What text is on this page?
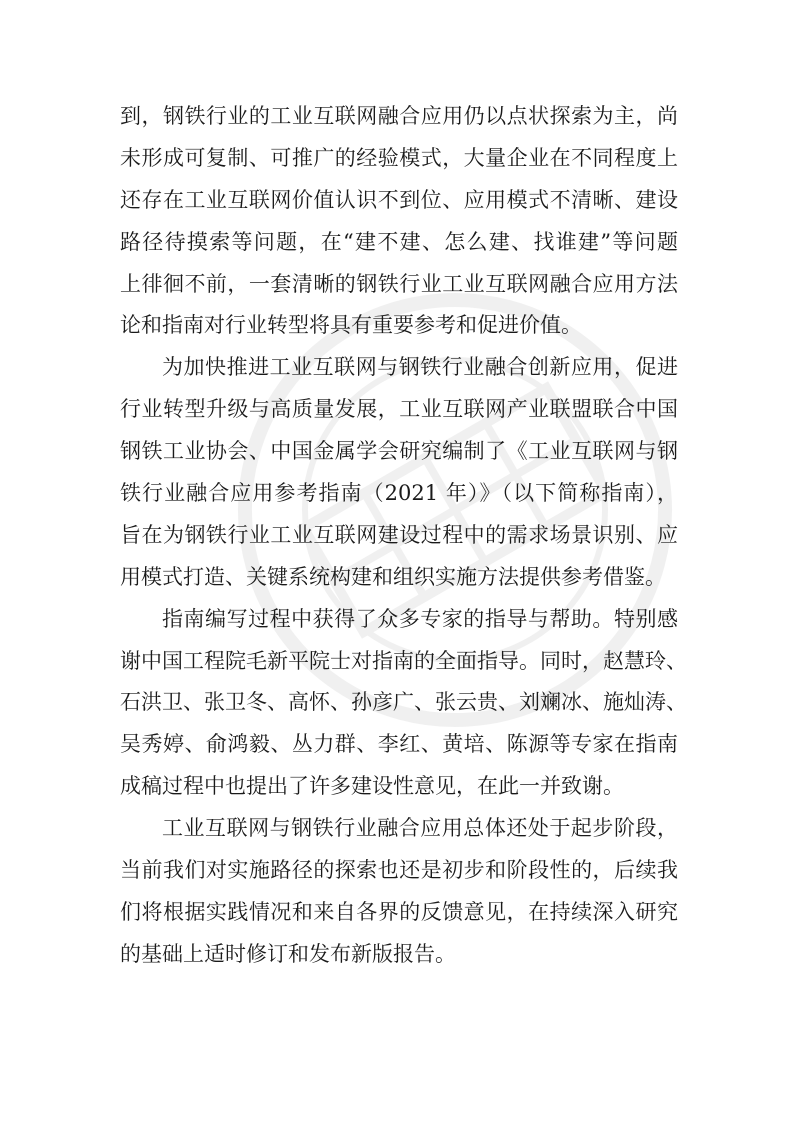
到，钢铁行业的工业互联网融合应用仍以点状探索为主，尚
未形成可复制、可推广的经验模式，大量企业在不同程度上
还存在工业互联网价值认识不到位、应用模式不清晰、建设
路径待摸索等问题，在“建不建、怎么建、找谁建”等问题
上徘徊不前，一套清晰的钢铁行业工业互联网融合应用方法
论和指南对行业转型将具有重要参考和促进价值。
为加快推进工业互联网与钢铁行业融合创新应用，促进
行业转型升级与高质量发展，工业互联网产业联盟联合中国
钢铁工业协会、中国金属学会研究编制了《工业互联网与钢
铁行业融合应用参考指南（2021 年）》（以下简称指南），
旨在为钢铁行业工业互联网建设过程中的需求场景识别、应
用模式打造、关键系统构建和组织实施方法提供参考借鉴。
指南编写过程中获得了众多专家的指导与帮助。特别感
谢中国工程院毛新平院士对指南的全面指导。同时，赵慧玲、
石洪卫、张卫冬、高怀、孙彦广、张云贵、刘斓冰、施灿涛、
吴秀婷、俞鸿毅、丛力群、李红、黄培、陈源等专家在指南
成稿过程中也提出了许多建设性意见，在此一并致谢。
工业互联网与钢铁行业融合应用总体还处于起步阶段，
当前我们对实施路径的探索也还是初步和阶段性的，后续我
们将根据实践情况和来自各界的反馈意见，在持续深入研究
的基础上适时修订和发布新版报告。
